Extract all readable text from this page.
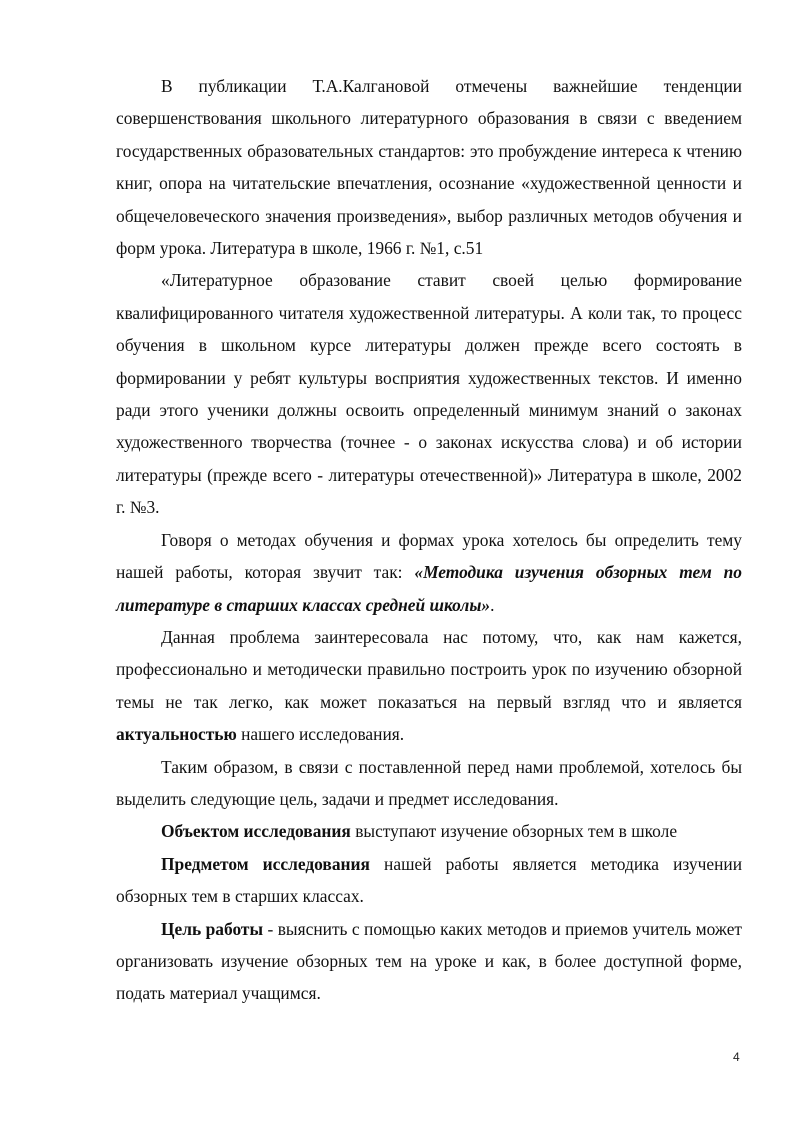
В публикации Т.А.Калгановой отмечены важнейшие тенденции совершенствования школьного литературного образования в связи с введением государственных образовательных стандартов: это пробуждение интереса к чтению книг, опора на читательские впечатления, осознание «художественной ценности и общечеловеческого значения произведения», выбор различных методов обучения и форм урока. Литература в школе, 1966 г. №1, с.51

«Литературное образование ставит своей целью формирование квалифицированного читателя художественной литературы. А коли так, то процесс обучения в школьном курсе литературы должен прежде всего состоять в формировании у ребят культуры восприятия художественных текстов. И именно ради этого ученики должны освоить определенный минимум знаний о законах художественного творчества (точнее - о законах искусства слова) и об истории литературы (прежде всего - литературы отечественной)» Литература в школе, 2002 г. №3.

Говоря о методах обучения и формах урока хотелось бы определить тему нашей работы, которая звучит так: «Методика изучения обзорных тем по литературе в старших классах средней школы».

Данная проблема заинтересовала нас потому, что, как нам кажется, профессионально и методически правильно построить урок по изучению обзорной темы не так легко, как может показаться на первый взгляд что и является актуальностью нашего исследования.

Таким образом, в связи с поставленной перед нами проблемой, хотелось бы выделить следующие цель, задачи и предмет исследования.

Объектом исследования выступают изучение обзорных тем в школе

Предметом исследования нашей работы является методика изучении обзорных тем в старших классах.

Цель работы - выяснить с помощью каких методов и приемов учитель может организовать изучение обзорных тем на уроке и как, в более доступной форме, подать материал учащимся.

4
